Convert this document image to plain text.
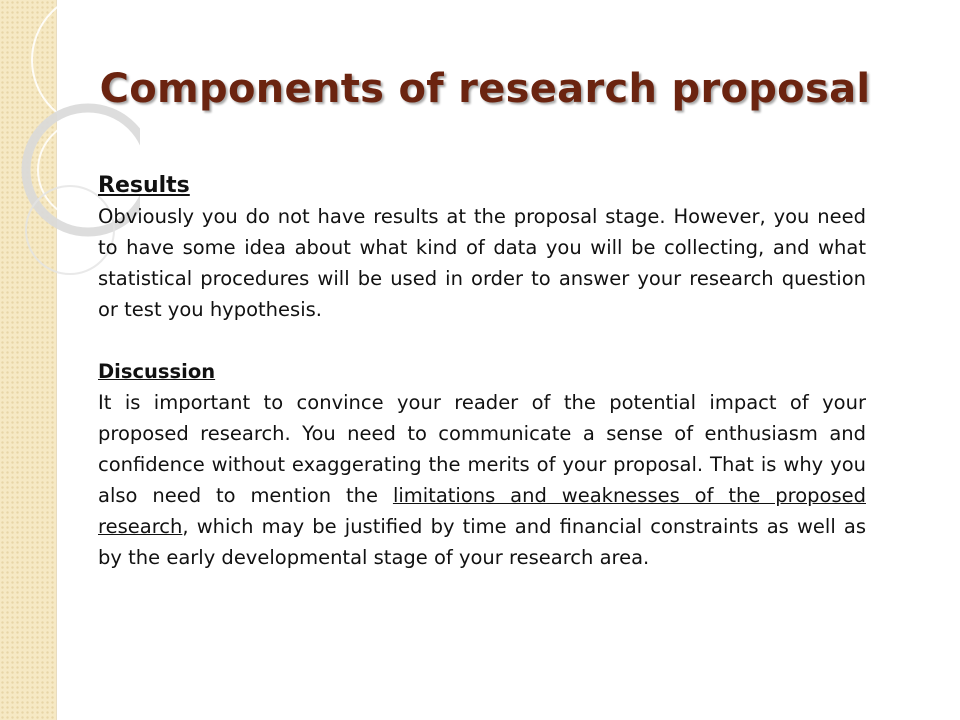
Components of research proposal
Results

Obviously you do not have results at the proposal stage. However, you need to have some idea about what kind of data you will be collecting, and what statistical procedures will be used in order to answer your research question or test you hypothesis.

Discussion

It is important to convince your reader of the potential impact of your proposed research. You need to communicate a sense of enthusiasm and confidence without exaggerating the merits of your proposal. That is why you also need to mention the limitations and weaknesses of the proposed research, which may be justified by time and financial constraints as well as by the early developmental stage of your research area.
